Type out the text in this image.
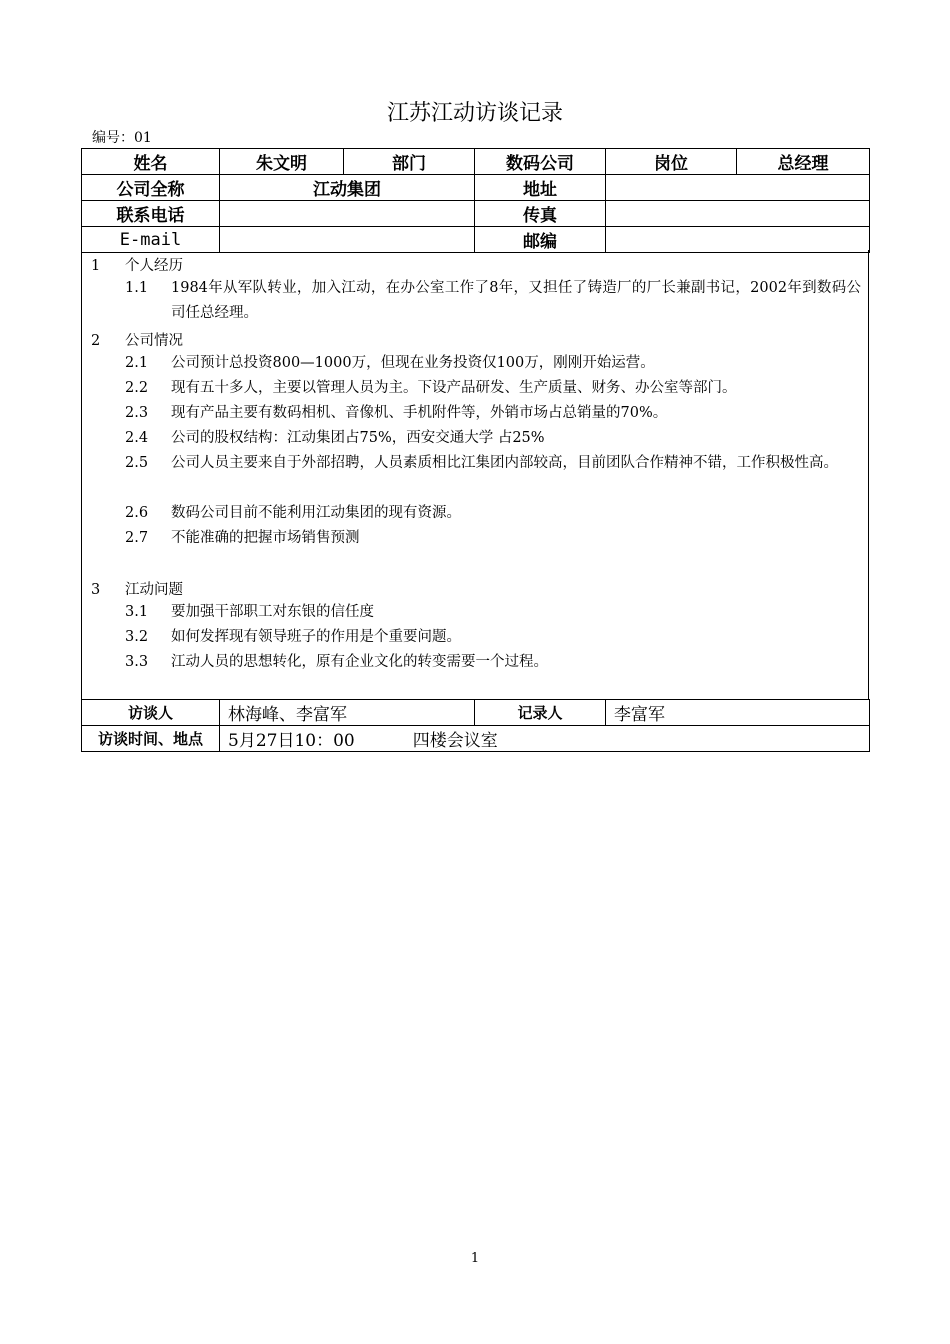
江苏江动访谈记录
编号：01
姓名	朱文明	部门	数码公司	岗位	总经理
公司全称	江动集团		地址		
联系电话			传真		
E-mail			邮编		
1 个人经历
1.1 1984年从军队转业，加入江动，在办公室工作了8年，又担任了铸造厂的厂长兼副书记，2002年到数码公司任总经理。
2 公司情况
2.1 公司预计总投资800—1000万，但现在业务投资仅100万，刚刚开始运营。
2.2 现有五十多人，主要以管理人员为主。下设产品研发、生产质量、财务、办公室等部门。
2.3 现有产品主要有数码相机、音像机、手机附件等，外销市场占总销量的70%。
2.4 公司的股权结构：江动集团占75%，西安交通大学 占25%
2.5 公司人员主要来自于外部招聘，人员素质相比江集团内部较高，目前团队合作精神不错，工作积极性高。
2.6 数码公司目前不能利用江动集团的现有资源。
2.7 不能准确的把握市场销售预测
3 江动问题
3.1 要加强干部职工对东银的信任度
3.2 如何发挥现有领导班子的作用是个重要问题。
3.3 江动人员的思想转化，原有企业文化的转变需要一个过程。
访谈人	林海峰、李富军	记录人	李富军
访谈时间、地点	5月27日10：00 四楼会议室		
1
